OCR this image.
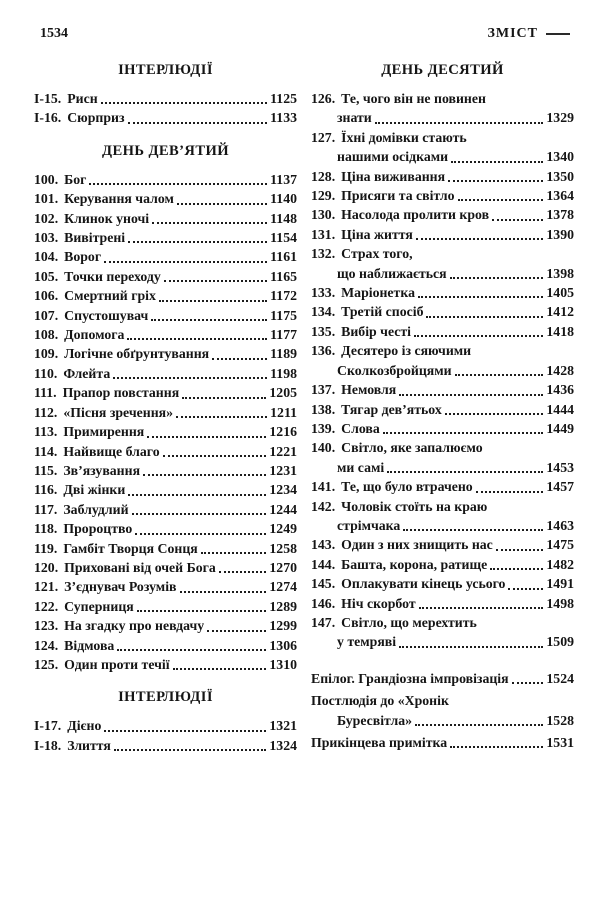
1534	ЗМІСТ
ІНТЕРЛЮДІЇ
І-15. Рисн	1125
І-16. Сюрприз	1133
ДЕНЬ ДЕВ’ЯТИЙ
100. Бог	1137
101. Керування чалом	1140
102. Клинок уночі	1148
103. Вивітрені	1154
104. Ворог	1161
105. Точки переходу	1165
106. Смертний гріх	1172
107. Спустошувач	1175
108. Допомога	1177
109. Логічне обґрунтування	1189
110. Флейта	1198
111. Прапор повстання	1205
112. «Пісня зречення»	1211
113. Примирення	1216
114. Найвище благо	1221
115. Зв’язування	1231
116. Дві жінки	1234
117. Заблудлий	1244
118. Пророцтво	1249
119. Гамбіт Творця Сонця	1258
120. Приховані від очей Бога	1270
121. З’єднувач Розумів	1274
122. Суперниця	1289
123. На згадку про невдачу	1299
124. Відмова	1306
125. Один проти течії	1310
ІНТЕРЛЮДІЇ
І-17. Дієно	1321
І-18. Злиття	1324
ДЕНЬ ДЕСЯТИЙ
126. Те, чого він не повинен
знати	1329
127. Їхні домівки стають
нашими осідками	1340
128. Ціна виживання	1350
129. Присяги та світло	1364
130. Насолода пролити кров	1378
131. Ціна життя	1390
132. Страх того,
що наближається	1398
133. Маріонетка	1405
134. Третій спосіб	1412
135. Вибір честі	1418
136. Десятеро із сяючими
Сколкозбройцями	1428
137. Немовля	1436
138. Тягар дев’ятьох	1444
139. Слова	1449
140. Світло, яке запалюємо
ми самі	1453
141. Те, що було втрачено	1457
142. Чоловік стоїть на краю
стрімчака	1463
143. Один з них знищить нас	1475
144. Башта, корона, ратище	1482
145. Оплакувати кінець усього	1491
146. Ніч скорбот	1498
147. Світло, що мерехтить
у темряві	1509
Епілог. Грандіозна імпровізація	1524
Постлюдія до «Хронік
Буресвітла»	1528
Прикінцева примітка	1531
